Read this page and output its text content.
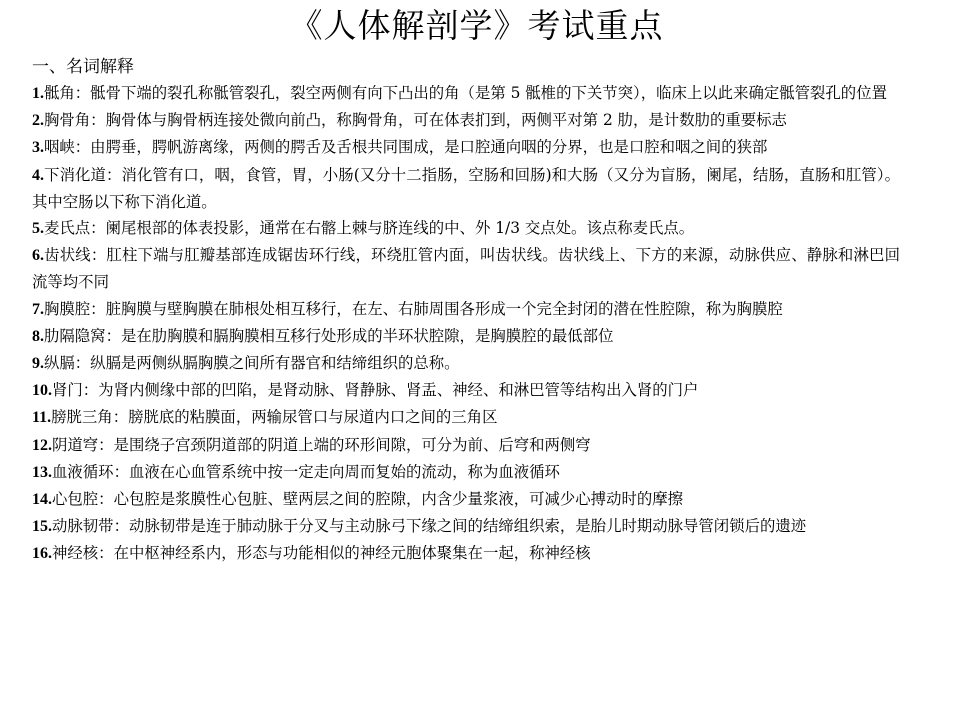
《人体解剖学》考试重点
一、名词解释

1.骶角：骶骨下端的裂孔称骶管裂孔，裂空两侧有向下凸出的角（是第 5 骶椎的下关节突），临床上以此来确定骶管裂孔的位置

2.胸骨角：胸骨体与胸骨柄连接处微向前凸，称胸骨角，可在体表扪到，两侧平对第 2 肋，是计数肋的重要标志

3.咽峡：由腭垂，腭帆游离缘，两侧的腭舌及舌根共同围成，是口腔通向咽的分界，也是口腔和咽之间的狭部

4.下消化道：消化管有口，咽，食管，胃，小肠(又分十二指肠，空肠和回肠)和大肠（又分为盲肠，阑尾，结肠，直肠和肛管）。其中空肠以下称下消化道。

5.麦氏点：阑尾根部的体表投影，通常在右髂上棘与脐连线的中、外 1/3 交点处。该点称麦氏点。

6.齿状线：肛柱下端与肛瓣基部连成锯齿环行线，环绕肛管内面，叫齿状线。齿状线上、下方的来源，动脉供应、静脉和淋巴回流等均不同

7.胸膜腔：脏胸膜与壁胸膜在肺根处相互移行，在左、右肺周围各形成一个完全封闭的潜在性腔隙，称为胸膜腔

8.肋隔隐窝：是在肋胸膜和膈胸膜相互移行处形成的半环状腔隙，是胸膜腔的最低部位

9.纵膈：纵膈是两侧纵膈胸膜之间所有器官和结缔组织的总称。

10.肾门：为肾内侧缘中部的凹陷，是肾动脉、肾静脉、肾盂、神经、和淋巴管等结构出入肾的门户

11.膀胱三角：膀胱底的粘膜面，两输尿管口与尿道内口之间的三角区

12.阴道穹：是围绕子宫颈阴道部的阴道上端的环形间隙，可分为前、后穹和两侧穹

13.血液循环：血液在心血管系统中按一定走向周而复始的流动，称为血液循环

14.心包腔：心包腔是浆膜性心包脏、壁两层之间的腔隙，内含少量浆液，可减少心搏动时的摩擦

15.动脉韧带：动脉韧带是连于肺动脉于分叉与主动脉弓下缘之间的结缔组织索，是胎儿时期动脉导管闭锁后的遗迹

16.神经核：在中枢神经系内，形态与功能相似的神经元胞体聚集在一起，称神经核
